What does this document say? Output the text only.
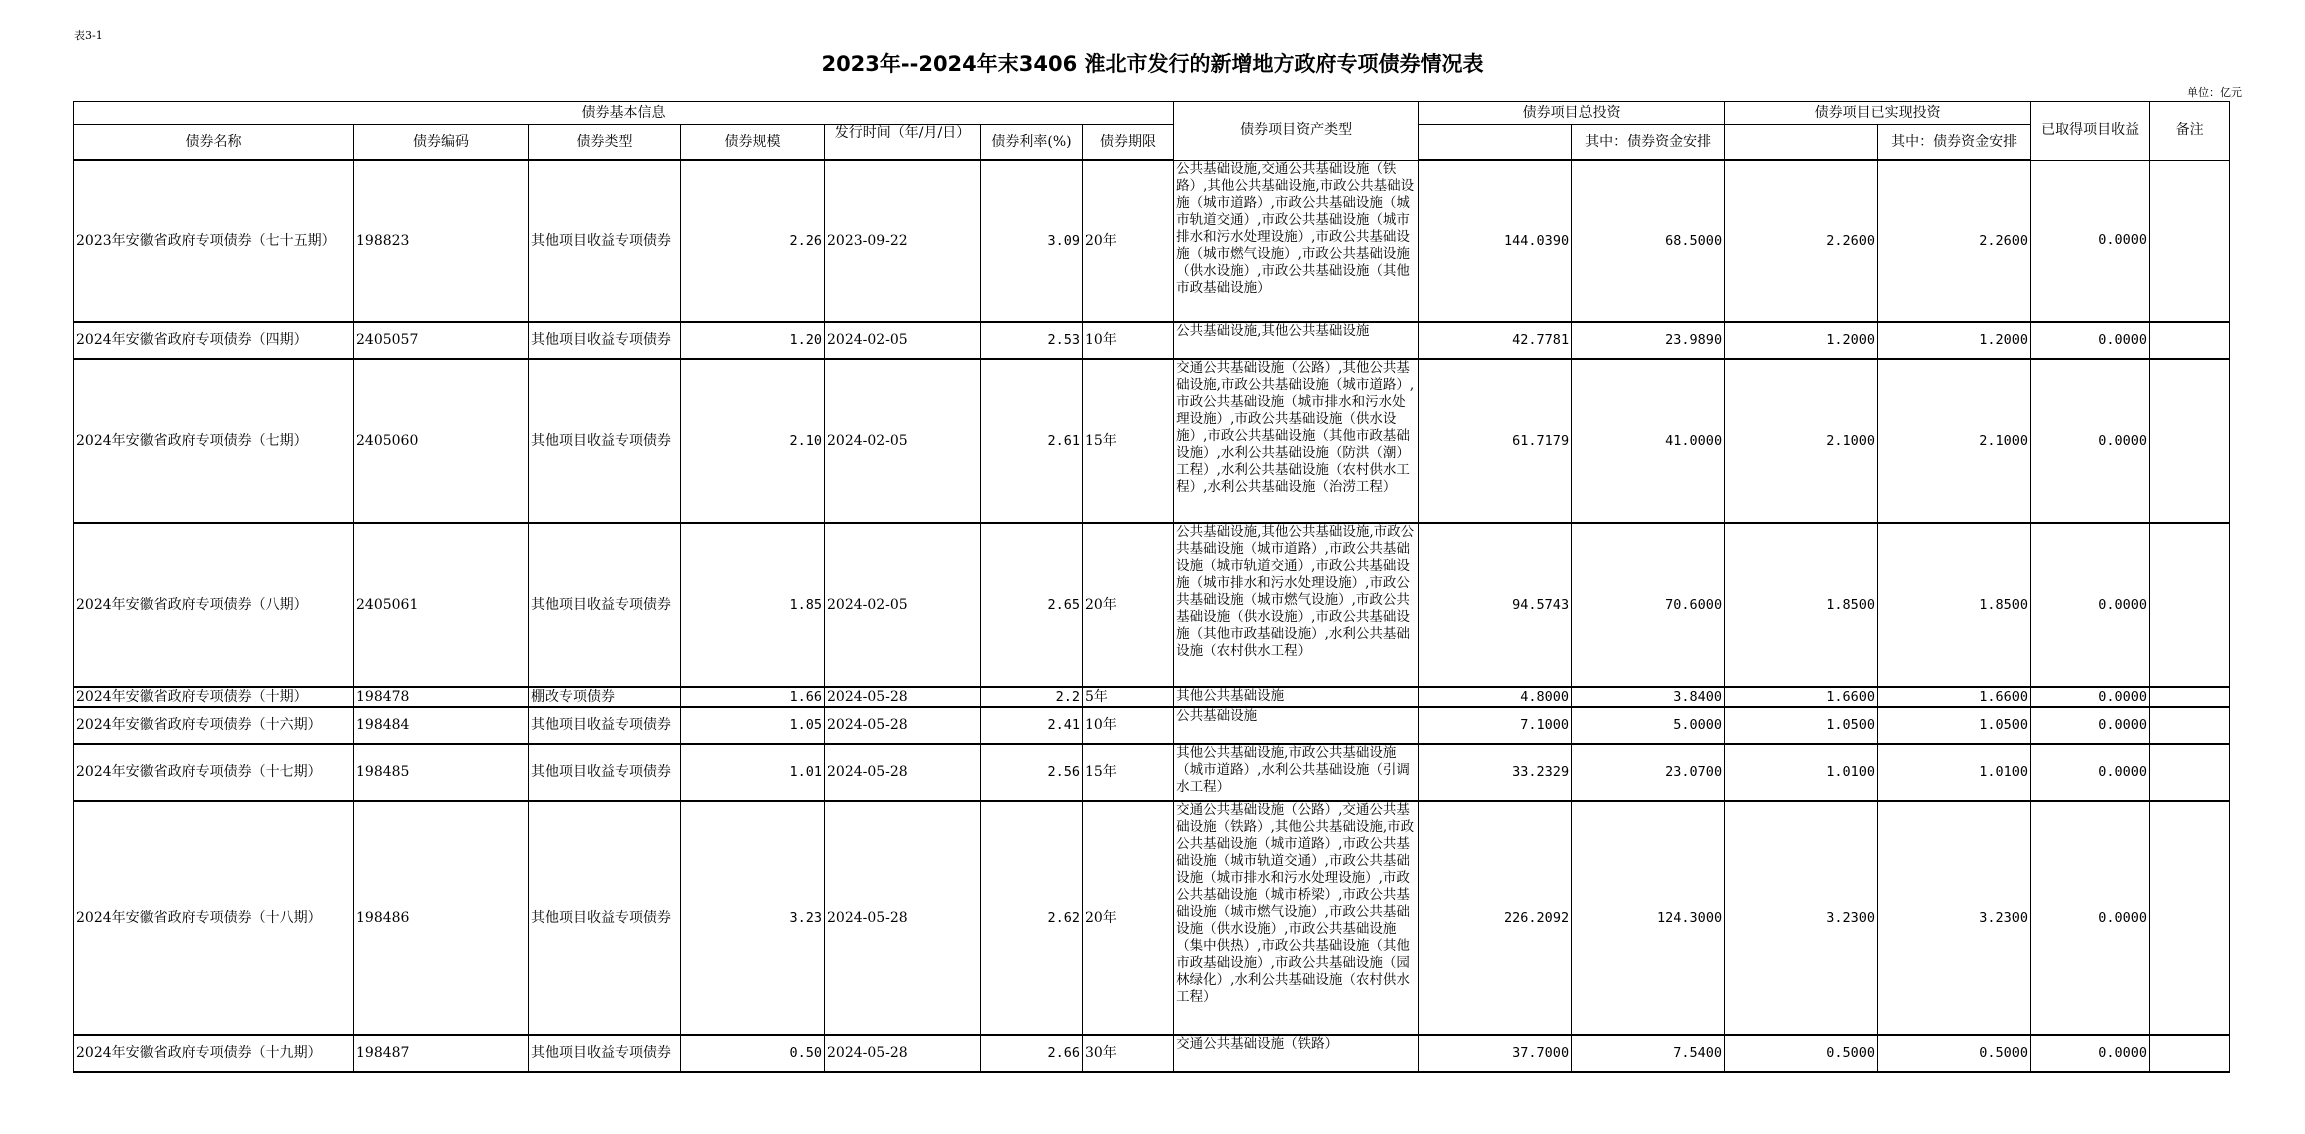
表3-1
2023年--2024年末3406 淮北市发行的新增地方政府专项债券情况表
单位：亿元
债券基本信息							债券项目资产类型	债券项目总投资		债券项目已实现投资		已取得项目收益	备注
债券名称	债券编码	债券类型	债券规模	发行时间（年/月/日）	债券利率(%)	债券期限			其中：债券资金安排		其中：债券资金安排		
2023年安徽省政府专项债券（七十五期）	198823	其他项目收益专项债券	2.26	2023-09-22	3.09	20年	公共基础设施,交通公共基础设施（铁路）,其他公共基础设施,市政公共基础设施（城市道路）,市政公共基础设施（城市轨道交通）,市政公共基础设施（城市排水和污水处理设施）,市政公共基础设施（城市燃气设施）,市政公共基础设施（供水设施）,市政公共基础设施（其他市政基础设施）	144.0390	68.5000	2.2600	2.2600	0.0000	
2024年安徽省政府专项债券（四期）	2405057	其他项目收益专项债券	1.20	2024-02-05	2.53	10年	公共基础设施,其他公共基础设施	42.7781	23.9890	1.2000	1.2000	0.0000	
2024年安徽省政府专项债券（七期）	2405060	其他项目收益专项债券	2.10	2024-02-05	2.61	15年	交通公共基础设施（公路）,其他公共基础设施,市政公共基础设施（城市道路）,市政公共基础设施（城市排水和污水处理设施）,市政公共基础设施（供水设施）,市政公共基础设施（其他市政基础设施）,水利公共基础设施（防洪（潮）工程）,水利公共基础设施（农村供水工程）,水利公共基础设施（治涝工程）	61.7179	41.0000	2.1000	2.1000	0.0000	
2024年安徽省政府专项债券（八期）	2405061	其他项目收益专项债券	1.85	2024-02-05	2.65	20年	公共基础设施,其他公共基础设施,市政公共基础设施（城市道路）,市政公共基础设施（城市轨道交通）,市政公共基础设施（城市排水和污水处理设施）,市政公共基础设施（城市燃气设施）,市政公共基础设施（供水设施）,市政公共基础设施（其他市政基础设施）,水利公共基础设施（农村供水工程）	94.5743	70.6000	1.8500	1.8500	0.0000	
2024年安徽省政府专项债券（十期）	198478	棚改专项债券	1.66	2024-05-28	2.2	5年	其他公共基础设施	4.8000	3.8400	1.6600	1.6600	0.0000	
2024年安徽省政府专项债券（十六期）	198484	其他项目收益专项债券	1.05	2024-05-28	2.41	10年	公共基础设施	7.1000	5.0000	1.0500	1.0500	0.0000	
2024年安徽省政府专项债券（十七期）	198485	其他项目收益专项债券	1.01	2024-05-28	2.56	15年	其他公共基础设施,市政公共基础设施（城市道路）,水利公共基础设施（引调水工程）	33.2329	23.0700	1.0100	1.0100	0.0000	
2024年安徽省政府专项债券（十八期）	198486	其他项目收益专项债券	3.23	2024-05-28	2.62	20年	交通公共基础设施（公路）,交通公共基础设施（铁路）,其他公共基础设施,市政公共基础设施（城市道路）,市政公共基础设施（城市轨道交通）,市政公共基础设施（城市排水和污水处理设施）,市政公共基础设施（城市桥梁）,市政公共基础设施（城市燃气设施）,市政公共基础设施（供水设施）,市政公共基础设施（集中供热）,市政公共基础设施（其他市政基础设施）,市政公共基础设施（园林绿化）,水利公共基础设施（农村供水工程）	226.2092	124.3000	3.2300	3.2300	0.0000	
2024年安徽省政府专项债券（十九期）	198487	其他项目收益专项债券	0.50	2024-05-28	2.66	30年	交通公共基础设施（铁路）	37.7000	7.5400	0.5000	0.5000	0.0000	
